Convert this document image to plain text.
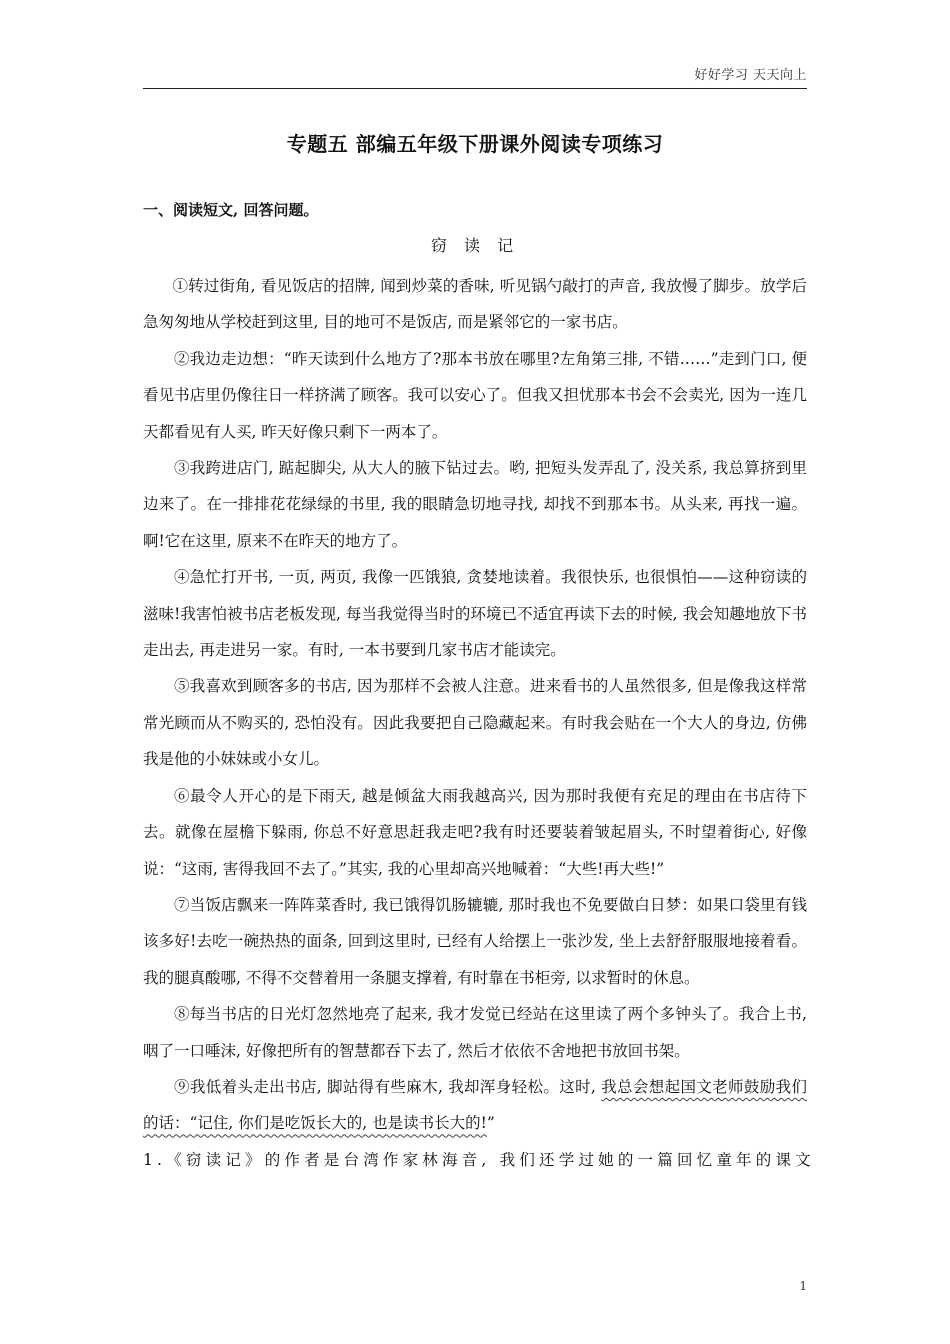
好好学习 天天向上
专题五 部编五年级下册课外阅读专项练习
一、阅读短文, 回答问题。
窃 读 记

①转过街角, 看见饭店的招牌, 闻到炒菜的香味, 听见锅勺敲打的声音, 我放慢了脚步。放学后急匆匆地从学校赶到这里, 目的地可不是饭店, 而是紧邻它的一家书店。

②我边走边想：“昨天读到什么地方了?那本书放在哪里?左角第三排, 不错……”走到门口, 便看见书店里仍像往日一样挤满了顾客。我可以安心了。但我又担忧那本书会不会卖光, 因为一连几天都看见有人买, 昨天好像只剩下一两本了。

③我跨进店门, 踮起脚尖, 从大人的腋下钻过去。哟, 把短头发弄乱了, 没关系, 我总算挤到里边来了。在一排排花花绿绿的书里, 我的眼睛急切地寻找, 却找不到那本书。从头来, 再找一遍。啊!它在这里, 原来不在昨天的地方了。

④急忙打开书, 一页, 两页, 我像一匹饿狼, 贪婪地读着。我很快乐, 也很惧怕——这种窃读的滋味!我害怕被书店老板发现, 每当我觉得当时的环境已不适宜再读下去的时候, 我会知趣地放下书走出去, 再走进另一家。有时, 一本书要到几家书店才能读完。

⑤我喜欢到顾客多的书店, 因为那样不会被人注意。进来看书的人虽然很多, 但是像我这样常常光顾而从不购买的, 恐怕没有。因此我要把自己隐藏起来。有时我会贴在一个大人的身边, 仿佛我是他的小妹妹或小女儿。

⑥最令人开心的是下雨天, 越是倾盆大雨我越高兴, 因为那时我便有充足的理由在书店待下去。就像在屋檐下躲雨, 你总不好意思赶我走吧?我有时还要装着皱起眉头, 不时望着街心, 好像说：“这雨, 害得我回不去了。”其实, 我的心里却高兴地喊着：“大些!再大些!”

⑦当饭店飘来一阵阵菜香时, 我已饿得饥肠辘辘, 那时我也不免要做白日梦：如果口袋里有钱该多好!去吃一碗热热的面条, 回到这里时, 已经有人给摆上一张沙发, 坐上去舒舒服服地接着看。我的腿真酸哪, 不得不交替着用一条腿支撑着, 有时靠在书柜旁, 以求暂时的休息。

⑧每当书店的日光灯忽然地亮了起来, 我才发觉已经站在这里读了两个多钟头了。我合上书, 咽了一口唾沫, 好像把所有的智慧都吞下去了, 然后才依依不舍地把书放回书架。

⑨我低着头走出书店, 脚站得有些麻木, 我却浑身轻松。这时, 我总会想起国文老师鼓励我们的话：“记住, 你们是吃饭长大的, 也是读书长大的!”

1.《窃读记》的作者是台湾作家林海音, 我们还学过她的一篇回忆童年的课文

1
